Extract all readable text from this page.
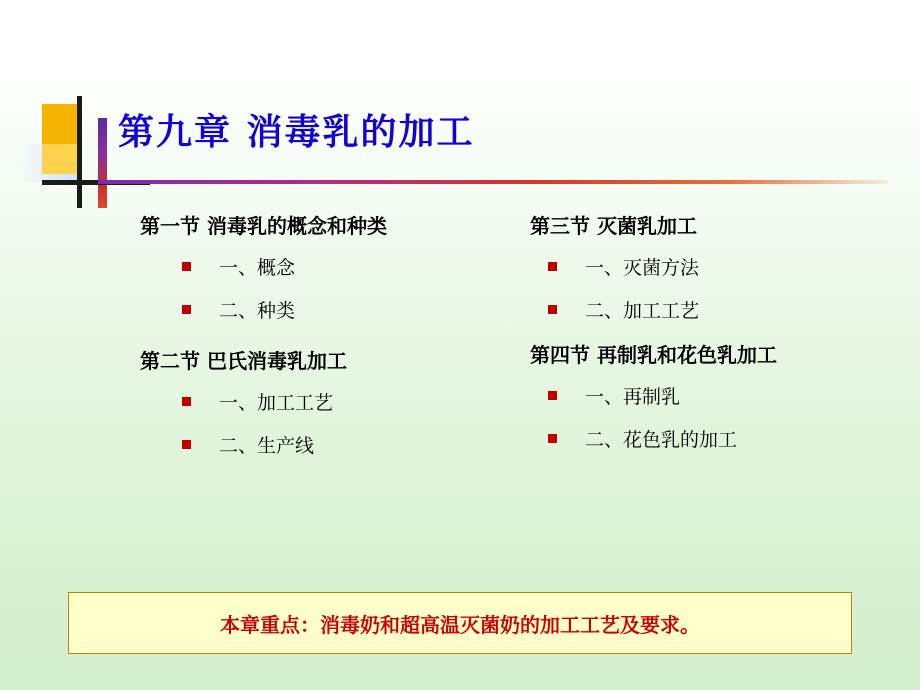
第九章 消毒乳的加工
第一节 消毒乳的概念和种类
一、概念
二、种类
第二节 巴氏消毒乳加工
一、加工工艺
二、生产线
第三节 灭菌乳加工
一、灭菌方法
二、加工工艺
第四节 再制乳和花色乳加工
一、再制乳
二、花色乳的加工
本章重点：消毒奶和超高温灭菌奶的加工工艺及要求。
